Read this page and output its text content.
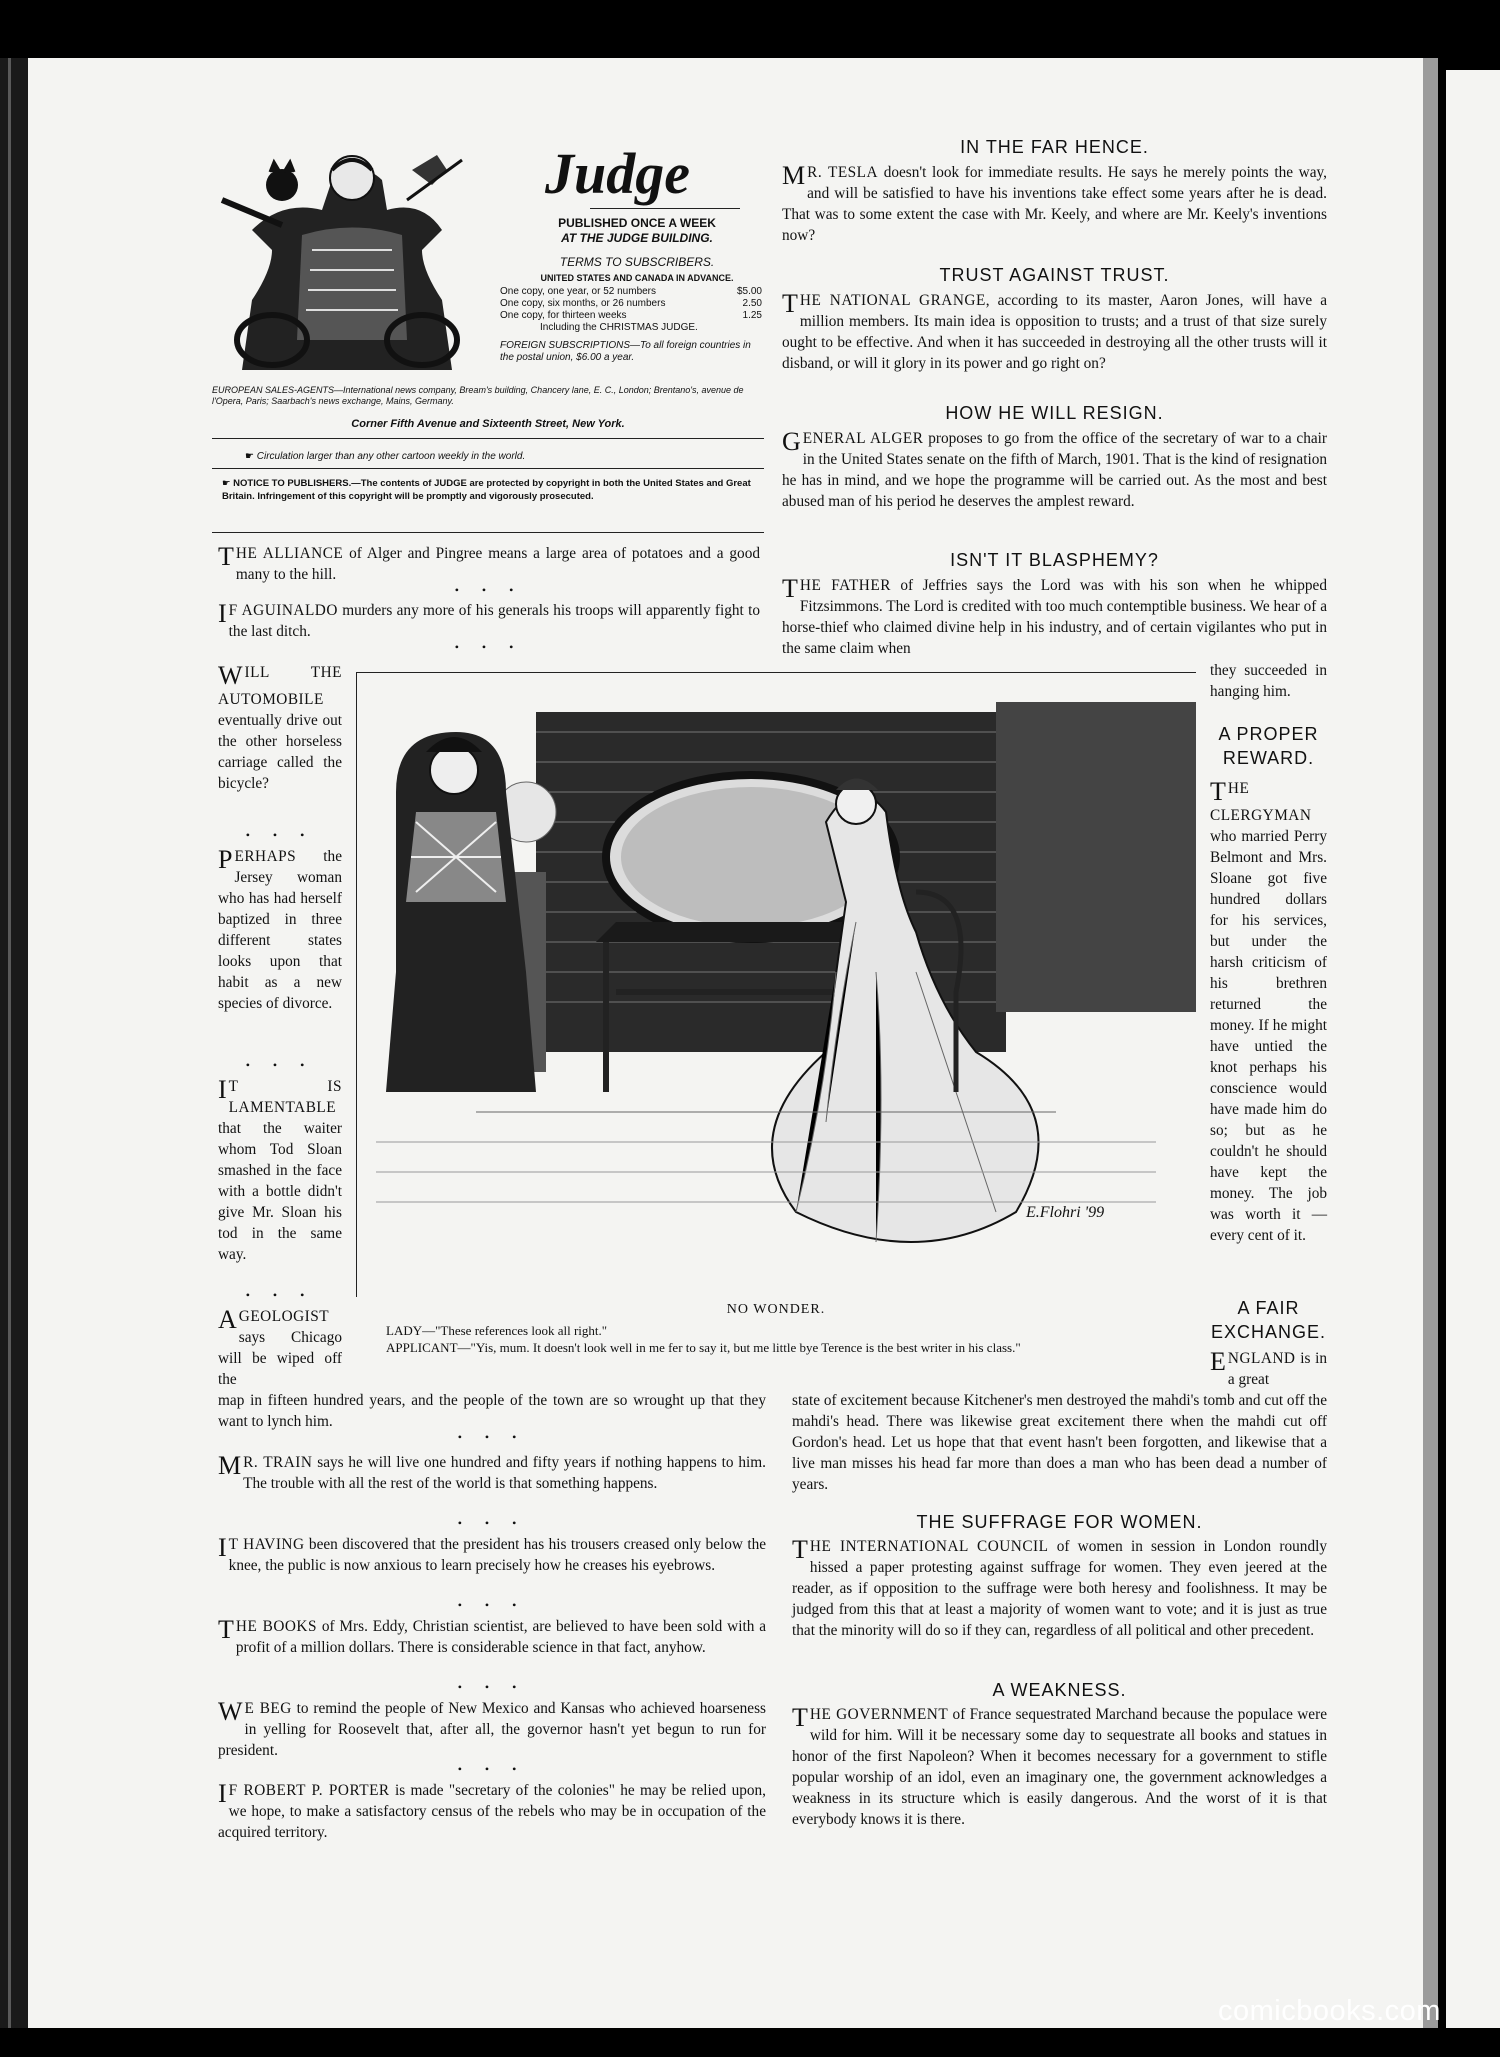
Judge
PUBLISHED ONCE A WEEK
AT THE JUDGE BUILDING.
TERMS TO SUBSCRIBERS.
UNITED STATES AND CANADA IN ADVANCE.
One copy, one year, or 52 numbers	$5.00
One copy, six months, or 26 numbers	2.50
One copy, for thirteen weeks	1.25
Including the CHRISTMAS JUDGE.
FOREIGN SUBSCRIPTIONS—To all foreign countries in the postal union, $6.00 a year.
EUROPEAN SALES-AGENTS—International news company, Bream's building, Chancery lane, E. C., London; Brentano's, avenue de l'Opera, Paris; Saarbach's news exchange, Mains, Germany.
Corner Fifth Avenue and Sixteenth Street, New York.
☛ Circulation larger than any other cartoon weekly in the world.
☛ NOTICE TO PUBLISHERS.—The contents of JUDGE are protected by copyright in both the United States and Great Britain. Infringement of this copyright will be promptly and vigorously prosecuted.
THE ALLIANCE of Alger and Pingree means a large area of potatoes and a good many to the hill.
• • •
I F AGUINALDO murders any more of his generals his troops will apparently fight to the last ditch.
• • •
WILL THE AUTOMOBILE eventually drive out the other horseless carriage called the bicycle?
• • •
PERHAPS the Jersey woman who has had herself baptized in three different states looks upon that habit as a new species of divorce.
• • •
I T IS LAMENTABLE that the waiter whom Tod Sloan smashed in the face with a bottle didn't give Mr. Sloan his tod in the same way.
• • •
A GEOLOGIST says Chicago will be wiped off the
E.Flohri '99
NO WONDER.
LADY—"These references look all right."
APPLICANT—"Yis, mum. It doesn't look well in me fer to say it, but me little bye Terence is the best writer in his class."
map in fifteen hundred years, and the people of the town are so wrought up that they want to lynch him.
• • •
M R. TRAIN says he will live one hundred and fifty years if nothing happens to him. The trouble with all the rest of the world is that something happens.
• • •
I T HAVING been discovered that the president has his trousers creased only below the knee, the public is now anxious to learn precisely how he creases his eyebrows.
• • •
THE BOOKS of Mrs. Eddy, Christian scientist, are believed to have been sold with a profit of a million dollars. There is considerable science in that fact, anyhow.
• • •
W E BEG to remind the people of New Mexico and Kansas who achieved hoarseness in yelling for Roosevelt that, after all, the governor hasn't yet begun to run for president.
• • •
I F ROBERT P. PORTER is made "secretary of the colonies" he may be relied upon, we hope, to make a satisfactory census of the rebels who may be in occupation of the acquired territory.
IN THE FAR HENCE.
M R. TESLA doesn't look for immediate results. He says he merely points the way, and will be satisfied to have his inventions take effect some years after he is dead. That was to some extent the case with Mr. Keely, and where are Mr. Keely's inventions now?
TRUST AGAINST TRUST.
THE NATIONAL GRANGE, according to its master, Aaron Jones, will have a million members. Its main idea is opposition to trusts; and a trust of that size surely ought to be effective. And when it has succeeded in destroying all the other trusts will it disband, or will it glory in its power and go right on?
HOW HE WILL RESIGN.
GENERAL ALGER proposes to go from the office of the secretary of war to a chair in the United States senate on the fifth of March, 1901. That is the kind of resignation he has in mind, and we hope the programme will be carried out. As the most and best abused man of his period he deserves the amplest reward.
ISN'T IT BLASPHEMY?
THE FATHER of Jeffries says the Lord was with his son when he whipped Fitzsimmons. The Lord is credited with too much contemptible business. We hear of a horse-thief who claimed divine help in his industry, and of certain vigilantes who put in the same claim when
they succeeded in hanging him.
A PROPER REWARD.
THE CLERGYMAN who married Perry Belmont and Mrs. Sloane got five hundred dollars for his services, but under the harsh criticism of his brethren returned the money. If he might have untied the knot perhaps his conscience would have made him do so; but as he couldn't he should have kept the money. The job was worth it — every cent of it.
A FAIR EXCHANGE.
ENGLAND is in a great
state of excitement because Kitchener's men destroyed the mahdi's tomb and cut off the mahdi's head. There was likewise great excitement there when the mahdi cut off Gordon's head. Let us hope that that event hasn't been forgotten, and likewise that a live man misses his head far more than does a man who has been dead a number of years.
THE SUFFRAGE FOR WOMEN.
THE INTERNATIONAL COUNCIL of women in session in London roundly hissed a paper protesting against suffrage for women. They even jeered at the reader, as if opposition to the suffrage were both heresy and foolishness. It may be judged from this that at least a majority of women want to vote; and it is just as true that the minority will do so if they can, regardless of all political and other precedent.
A WEAKNESS.
THE GOVERNMENT of France sequestrated Marchand because the populace were wild for him. Will it be necessary some day to sequestrate all books and statues in honor of the first Napoleon? When it becomes necessary for a government to stifle popular worship of an idol, even an imaginary one, the government acknowledges a weakness in its structure which is easily dangerous. And the worst of it is that everybody knows it is there.
comicbooks.com
